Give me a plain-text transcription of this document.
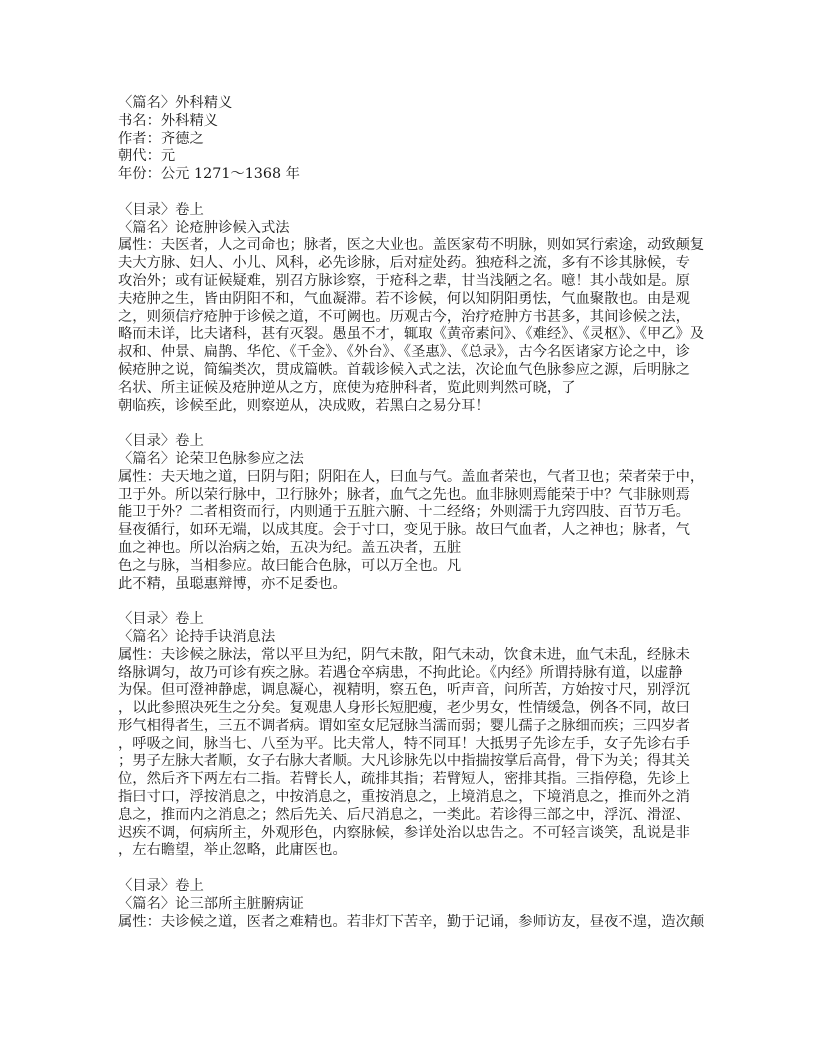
〈篇名〉外科精义
书名：外科精义
作者：齐德之
朝代：元
年份：公元 1271～1368 年
〈目录〉卷上
〈篇名〉论疮肿诊候入式法
属性：夫医者，人之司命也；脉者，医之大业也。盖医家苟不明脉，则如冥行索途，动致颠复
夫大方脉、妇人、小儿、风科，必先诊脉，后对症处药。独疮科之流，多有不诊其脉候，专
攻治外；或有证候疑难，别召方脉诊察，于疮科之辈，甘当浅陋之名。噫！其小哉如是。原
夫疮肿之生，皆由阴阳不和，气血凝滞。若不诊候，何以知阴阳勇怯，气血聚散也。由是观
之，则须信疗疮肿于诊候之道，不可阙也。历观古今，治疗疮肿方书甚多，其间诊候之法，
略而未详，比夫诸科，甚有灭裂。愚虽不才，辄取《黄帝素问》、《难经》、《灵枢》、《甲乙》及
叔和、仲景、扁鹊、华佗、《千金》、《外台》、《圣惠》、《总录》，古今名医诸家方论之中，诊
候疮肿之说，简编类次，贯成篇帙。首载诊候入式之法，次论血气色脉参应之源，后明脉之
名状、所主证候及疮肿逆从之方，庶使为疮肿科者，览此则判然可晓，了
朝临疾，诊候至此，则察逆从，决成败，若黑白之易分耳！
〈目录〉卷上
〈篇名〉论荣卫色脉参应之法
属性：夫天地之道，曰阴与阳；阴阳在人，曰血与气。盖血者荣也，气者卫也；荣者荣于中，
卫于外。所以荣行脉中，卫行脉外；脉者，血气之先也。血非脉则焉能荣于中？气非脉则焉
能卫于外？二者相资而行，内则通于五脏六腑、十二经络；外则濡于九窍四肢、百节万毛。
昼夜循行，如环无端，以成其度。会于寸口，变见于脉。故曰气血者，人之神也；脉者，气
血之神也。所以治病之始，五决为纪。盖五决者，五脏
色之与脉，当相参应。故曰能合色脉，可以万全也。凡
此不精，虽聪惠辩博，亦不足委也。
〈目录〉卷上
〈篇名〉论持手诀消息法
属性：夫诊候之脉法，常以平旦为纪，阴气未散，阳气未动，饮食未进，血气未乱，经脉未
络脉调匀，故乃可诊有疾之脉。若遇仓卒病患，不拘此论。《内经》所谓持脉有道，以虚静
为保。但可澄神静虑，调息凝心，视精明，察五色，听声音，问所苦，方始按寸尺，别浮沉
，以此参照决死生之分矣。复观患人身形长短肥瘦，老少男女，性情缓急，例各不同，故曰
形气相得者生，三五不调者病。谓如室女尼冠脉当濡而弱；婴儿孺子之脉细而疾；三四岁者
，呼吸之间，脉当七、八至为平。比夫常人，特不同耳！大抵男子先诊左手，女子先诊右手
；男子左脉大者顺，女子右脉大者顺。大凡诊脉先以中指揣按掌后高骨，骨下为关；得其关
位，然后齐下两左右二指。若臂长人，疏排其指；若臂短人，密排其指。三指停稳，先诊上
指曰寸口，浮按消息之，中按消息之，重按消息之，上境消息之，下境消息之，推而外之消
息之，推而内之消息之；然后先关、后尺消息之，一类此。若诊得三部之中，浮沉、滑涩、
迟疾不调，何病所主，外观形色，内察脉候，参详处治以忠告之。不可轻言谈笑，乱说是非
，左右瞻望，举止忽略，此庸医也。
〈目录〉卷上
〈篇名〉论三部所主脏腑病证
属性：夫诊候之道，医者之难精也。若非灯下苦辛，勤于记诵，参师访友，昼夜不遑，造次颠
